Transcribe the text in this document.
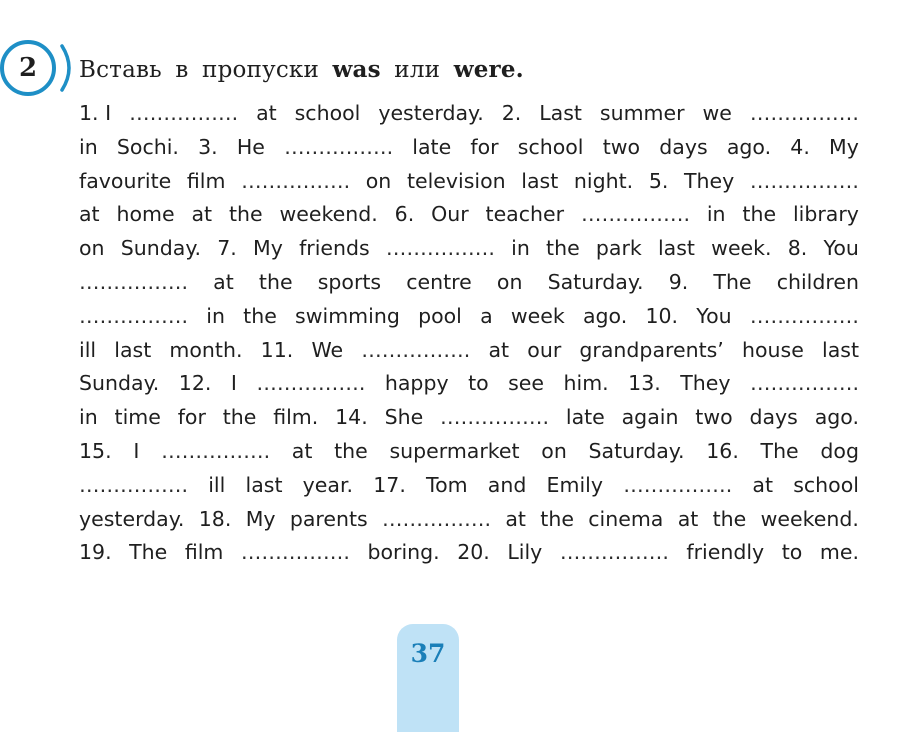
2 Вставь в пропуски was или were.
1. I ……………. at school yesterday. 2. Last summer we …………….
in Sochi. 3. He ……………. late for school two days ago. 4. My
favourite film ……………. on television last night. 5. They …………….
at home at the weekend. 6. Our teacher ……………. in the library
on Sunday. 7. My friends ……………. in the park last week. 8. You
……………. at the sports centre on Saturday. 9. The children
……………. in the swimming pool a week ago. 10. You …………….
ill last month. 11. We ……………. at our grandparents’ house last
Sunday. 12. I ……………. happy to see him. 13. They …………….
in time for the film. 14. She ……………. late again two days ago.
15. I ……………. at the supermarket on Saturday. 16. The dog
……………. ill last year. 17. Tom and Emily ……………. at school
yesterday. 18. My parents ……………. at the cinema at the weekend.
19. The film ……………. boring. 20. Lily ……………. friendly to me.
37
